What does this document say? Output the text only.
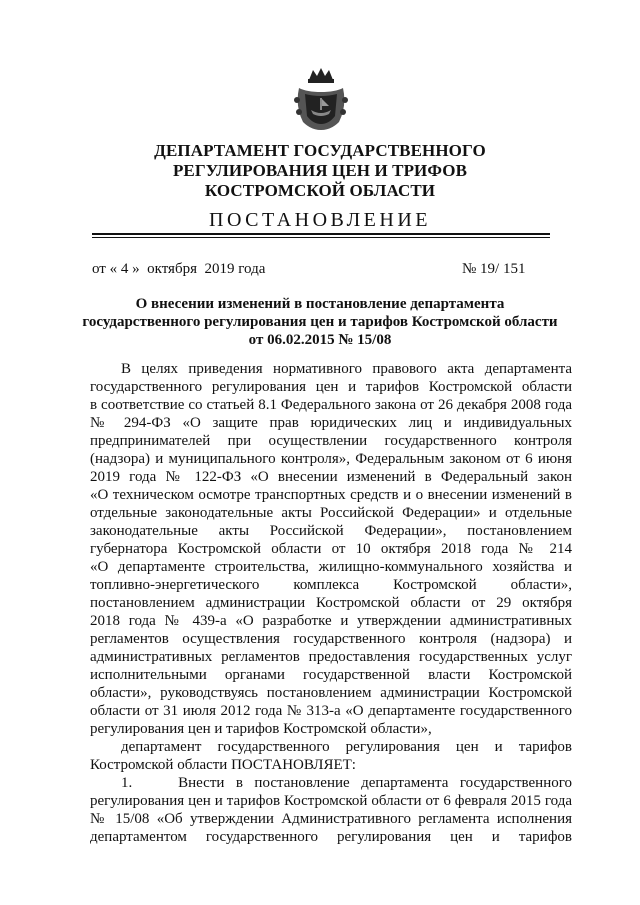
ДЕПАРТАМЕНТ ГОСУДАРСТВЕННОГО
РЕГУЛИРОВАНИЯ ЦЕН И ТРИФОВ
КОСТРОМСКОЙ ОБЛАСТИ
ПОСТАНОВЛЕНИЕ
от « 4 »  октября  2019 года	№ 19/ 151
О внесении изменений в постановление департамента
государственного регулирования цен и тарифов Костромской области
от 06.02.2015 № 15/08
В целях приведения нормативного правового акта департамента
государственного регулирования цен и тарифов Костромской области
в соответствие со статьей 8.1 Федерального закона от 26 декабря 2008 года
№ 294-ФЗ «О защите прав юридических лиц и индивидуальных
предпринимателей при осуществлении государственного контроля
(надзора) и муниципального контроля», Федеральным законом от 6 июня
2019 года № 122-ФЗ «О внесении изменений в Федеральный закон
«О техническом осмотре транспортных средств и о внесении изменений в
отдельные законодательные акты Российской Федерации» и отдельные
законодательные акты Российской Федерации», постановлением
губернатора Костромской области от 10 октября 2018 года № 214
«О департаменте строительства, жилищно-коммунального хозяйства и
топливно-энергетического комплекса Костромской области»,
постановлением администрации Костромской области от 29 октября
2018 года № 439-а «О разработке и утверждении административных
регламентов осуществления государственного контроля (надзора) и
административных регламентов предоставления государственных услуг
исполнительными органами государственной власти Костромской
области», руководствуясь постановлением администрации Костромской
области от 31 июля 2012 года № 313-а «О департаменте государственного
регулирования цен и тарифов Костромской области»,
департамент государственного регулирования цен и тарифов
Костромской области ПОСТАНОВЛЯЕТ:
1.    Внести в постановление департамента государственного
регулирования цен и тарифов Костромской области от 6 февраля 2015 года
№ 15/08 «Об утверждении Административного регламента исполнения
департаментом государственного регулирования цен и тарифов
